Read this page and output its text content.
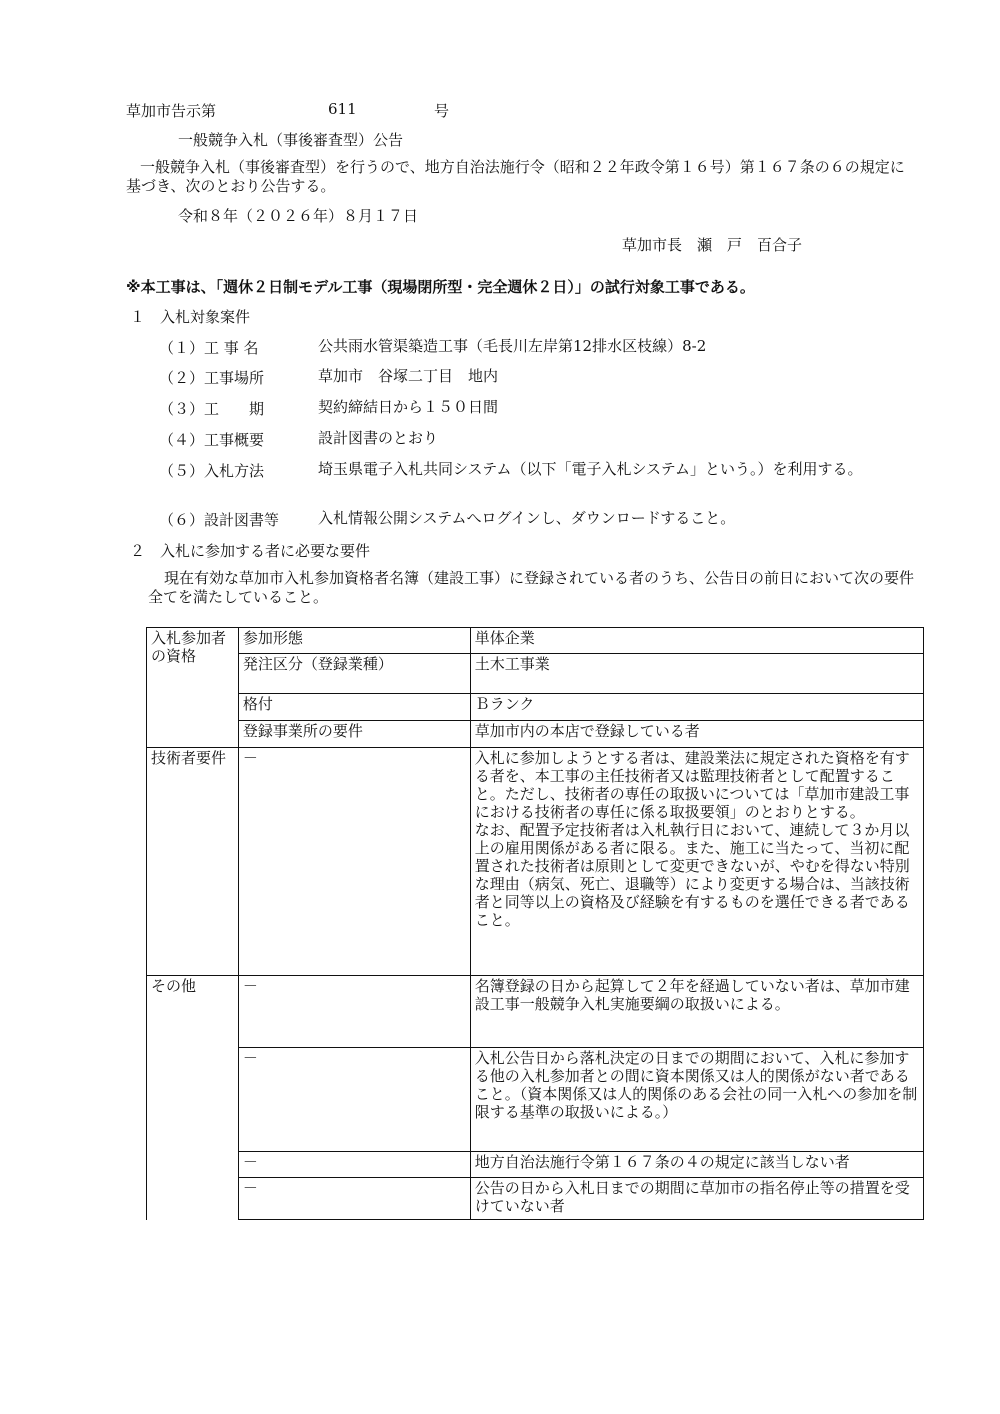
草加市告示第	611	号
一般競争入札（事後審査型）公告
一般競争入札（事後審査型）を行うので、地方自治法施行令（昭和２２年政令第１６号）第１６７条の６の規定に基づき、次のとおり公告する。
令和８年（２０２６年）８月１７日
草加市長　瀬　戸　百合子
※本工事は、「週休２日制モデル工事（現場閉所型・完全週休２日）」の試行対象工事である。
１　入札対象案件
（１）工 事 名	公共雨水管渠築造工事（毛長川左岸第12排水区枝線）8-2
（２）工事場所	草加市　谷塚二丁目　地内
（３）工　　期	契約締結日から１５０日間
（４）工事概要	設計図書のとおり
（５）入札方法	埼玉県電子入札共同システム（以下「電子入札システム」という。）を利用する。
（６）設計図書等	入札情報公開システムへログインし、ダウンロードすること。
２　入札に参加する者に必要な要件
現在有効な草加市入札参加資格者名簿（建設工事）に登録されている者のうち、公告日の前日において次の要件全てを満たしていること。
入札参加者の資格	参加形態	単体企業
	発注区分（登録業種）	土木工事業
	格付	Ｂランク
	登録事業所の要件	草加市内の本店で登録している者
技術者要件	－	入札に参加しようとする者は、建設業法に規定された資格を有する者を、本工事の主任技術者又は監理技術者として配置すること。ただし、技術者の専任の取扱いについては「草加市建設工事における技術者の専任に係る取扱要領」のとおりとする。
なお、配置予定技術者は入札執行日において、連続して３か月以上の雇用関係がある者に限る。また、施工に当たって、当初に配置された技術者は原則として変更できないが、やむを得ない特別な理由（病気、死亡、退職等）により変更する場合は、当該技術者と同等以上の資格及び経験を有するものを選任できる者であること。

その他	－	名簿登録の日から起算して２年を経過していない者は、草加市建設工事一般競争入札実施要綱の取扱いによる。
	－	入札公告日から落札決定の日までの期間において、入札に参加する他の入札参加者との間に資本関係又は人的関係がない者であること。（資本関係又は人的関係のある会社の同一入札への参加を制限する基準の取扱いによる。）
	－	地方自治法施行令第１６７条の４の規定に該当しない者
	－	公告の日から入札日までの期間に草加市の指名停止等の措置を受けていない者
